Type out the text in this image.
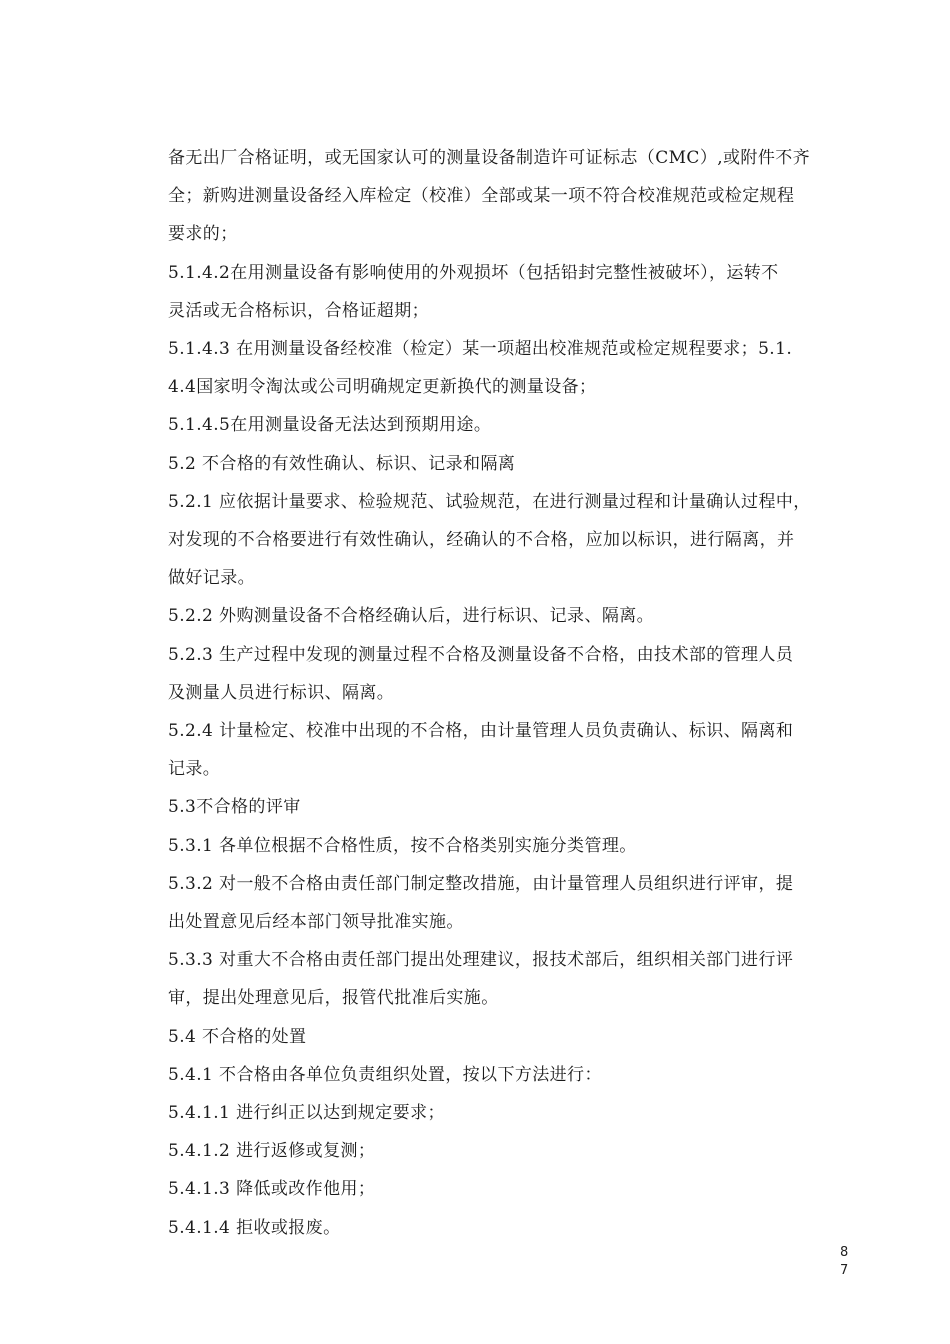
备无出厂合格证明，或无国家认可的测量设备制造许可证标志（CMC）,或附件不齐
全；新购进测量设备经入库检定（校准）全部或某一项不符合校准规范或检定规程
要求的；
5.1.4.2在用测量设备有影响使用的外观损坏（包括铅封完整性被破坏），运转不
灵活或无合格标识，合格证超期；
5.1.4.3 在用测量设备经校准（检定）某一项超出校准规范或检定规程要求；5.1.
4.4国家明令淘汰或公司明确规定更新换代的测量设备；
5.1.4.5在用测量设备无法达到预期用途。
5.2 不合格的有效性确认、标识、记录和隔离
5.2.1 应依据计量要求、检验规范、试验规范，在进行测量过程和计量确认过程中，
对发现的不合格要进行有效性确认，经确认的不合格，应加以标识，进行隔离，并
做好记录。
5.2.2 外购测量设备不合格经确认后，进行标识、记录、隔离。
5.2.3 生产过程中发现的测量过程不合格及测量设备不合格，由技术部的管理人员
及测量人员进行标识、隔离。
5.2.4 计量检定、校准中出现的不合格，由计量管理人员负责确认、标识、隔离和
记录。
5.3不合格的评审
5.3.1 各单位根据不合格性质，按不合格类别实施分类管理。
5.3.2 对一般不合格由责任部门制定整改措施，由计量管理人员组织进行评审，提
出处置意见后经本部门领导批准实施。
5.3.3 对重大不合格由责任部门提出处理建议，报技术部后，组织相关部门进行评
审，提出处理意见后，报管代批准后实施。
5.4 不合格的处置
5.4.1 不合格由各单位负责组织处置，按以下方法进行：
5.4.1.1 进行纠正以达到规定要求；
5.4.1.2 进行返修或复测；
5.4.1.3 降低或改作他用；
5.4.1.4 拒收或报废。
8
7
